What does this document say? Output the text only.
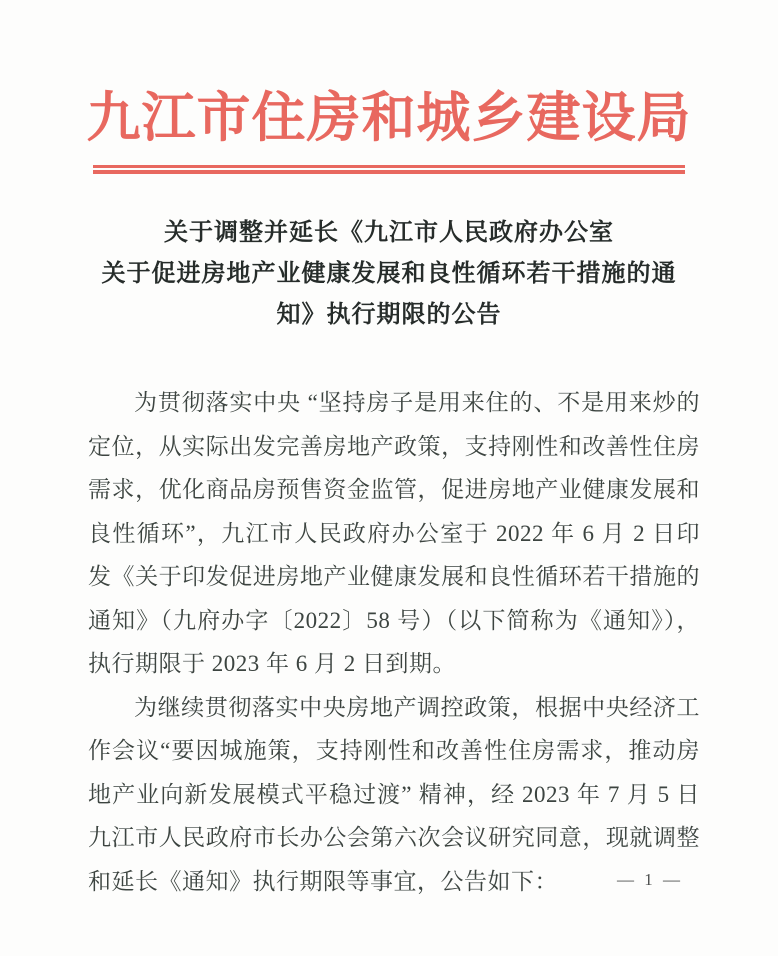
九江市住房和城乡建设局
关于调整并延长《九江市人民政府办公室
关于促进房地产业健康发展和良性循环若干措施的通
知》执行期限的公告

为贯彻落实中央 “坚持房子是用来住的、不是用来炒的定位，从实际出发完善房地产政策，支持刚性和改善性住房需求，优化商品房预售资金监管，促进房地产业健康发展和良性循环”，九江市人民政府办公室于 2022 年 6 月 2 日印发《关于印发促进房地产业健康发展和良性循环若干措施的通知》（九府办字〔2022〕58 号）（以下简称为《通知》），执行期限于 2023 年 6 月 2 日到期。

为继续贯彻落实中央房地产调控政策，根据中央经济工作会议“要因城施策，支持刚性和改善性住房需求，推动房地产业向新发展模式平稳过渡” 精神，经 2023 年 7 月 5 日九江市人民政府市长办公会第六次会议研究同意，现就调整和延长《通知》执行期限等事宜，公告如下：	— 1 —
